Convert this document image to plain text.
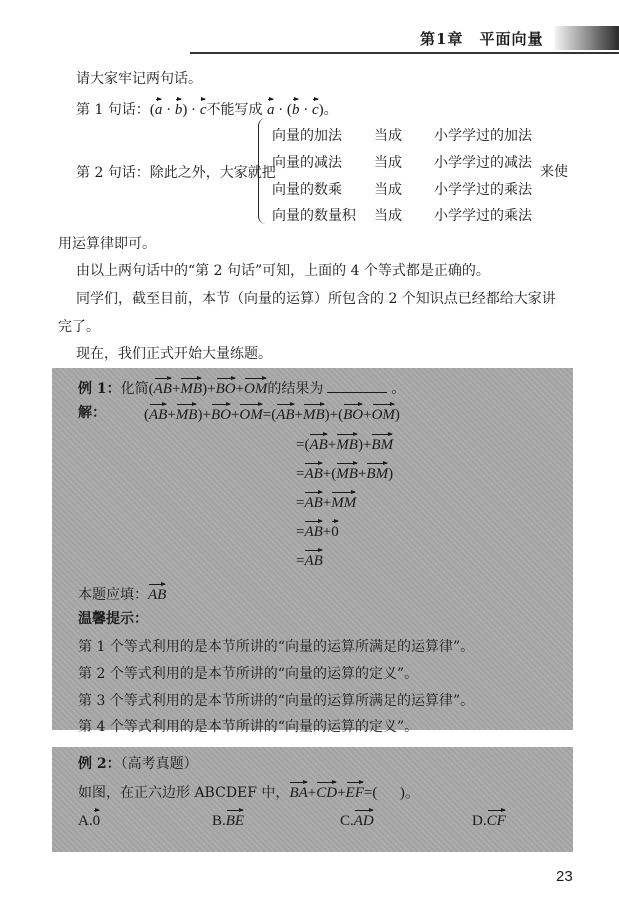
第1章 平面向量
请大家牢记两句话。
第 1 句话：(a · b) · c不能写成 a · (b · c)。
第 2 句话：除此之外，大家就把
向量的加法 当成 小学学过的加法
向量的减法 当成 小学学过的减法
向量的数乘 当成 小学学过的乘法
向量的数量积 当成 小学学过的乘法
来使
用运算律即可。
由以上两句话中的“第 2 句话”可知，上面的 4 个等式都是正确的。
同学们，截至目前，本节（向量的运算）所包含的 2 个知识点已经都给大家讲
完了。
现在，我们正式开始大量练题。
例 1：化简(AB+MB)+BO+OM的结果为	。
解：	(AB+MB)+BO+OM=(AB+MB)+(BO+OM)
=(AB+MB)+BM
=AB+(MB+BM)
=AB+MM
=AB+0
=AB
本题应填：AB
温馨提示：
第 1 个等式利用的是本节所讲的“向量的运算所满足的运算律”。
第 2 个等式利用的是本节所讲的“向量的运算的定义”。
第 3 个等式利用的是本节所讲的“向量的运算所满足的运算律”。
第 4 个等式利用的是本节所讲的“向量的运算的定义”。
例 2：（高考真题）
如图，在正六边形 ABCDEF 中，BA+CD+EF=(      )。
A.0	B.BE	C.AD	D.CF
23
